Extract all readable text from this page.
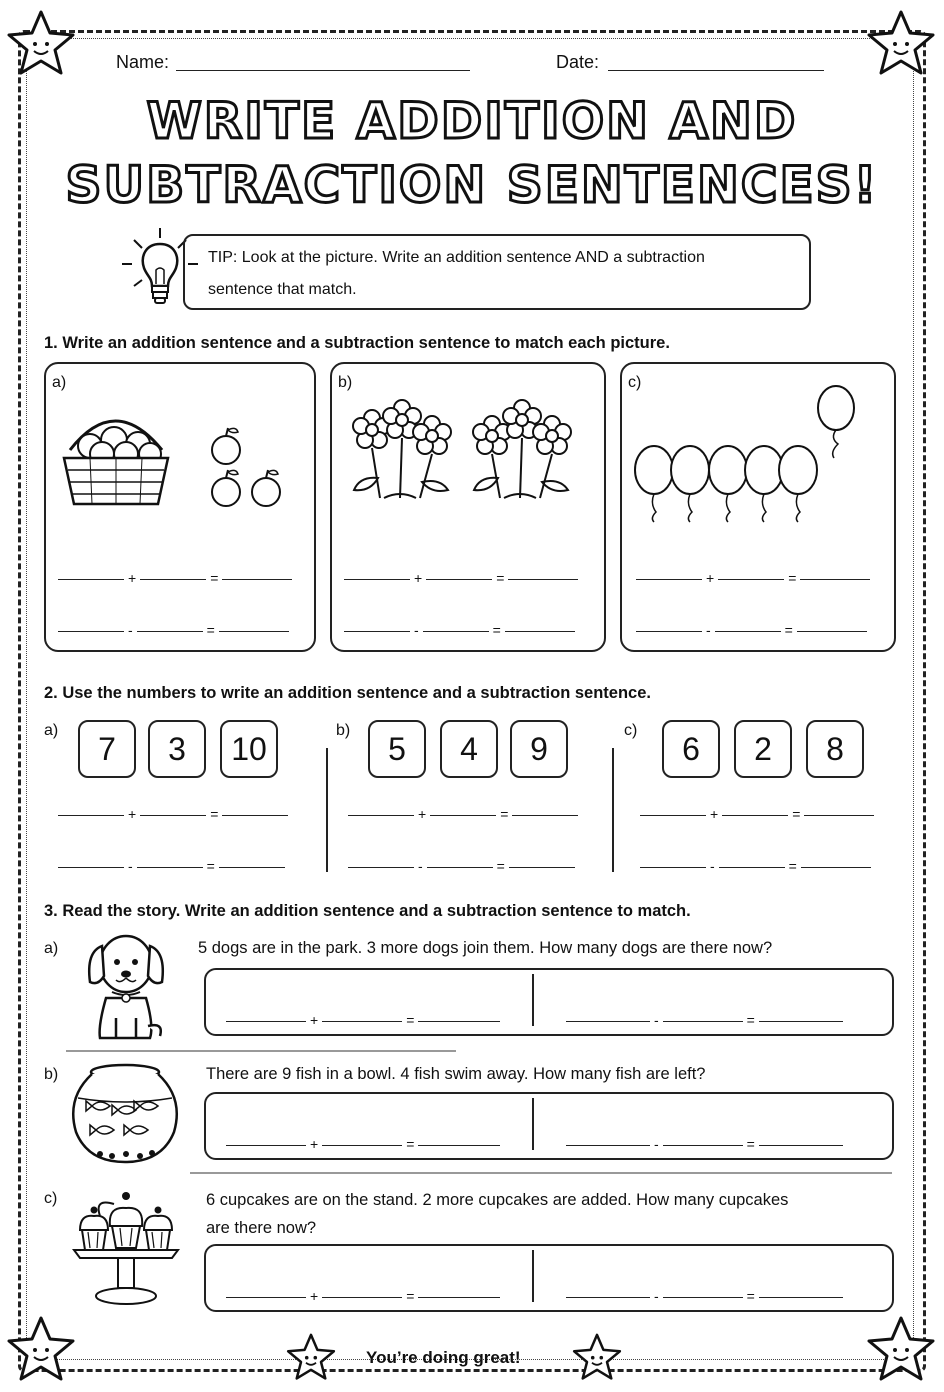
Name:	Date:
WRITE ADDITION AND
SUBTRACTION SENTENCES!
TIP: Look at the picture. Write an addition sentence AND a subtraction
sentence that match.
1. Write an addition sentence and a subtraction sentence to match each picture.
a)
+	=
-	=
b)
+	=
-	=
c)
+	=
-	=
2. Use the numbers to write an addition sentence and a subtraction sentence.
a)	7	3	10
+	=
-	=
b)	5	4	9
+	=
-	=
c)	6	2	8
+	=
-	=
3. Read the story. Write an addition sentence and a subtraction sentence to match.
a)	5 dogs are in the park. 3 more dogs join them. How many dogs are there now?
+	=	-	=
b)	There are 9 fish in a bowl. 4 fish swim away. How many fish are left?
+	=	-	=
c)	6 cupcakes are on the stand. 2 more cupcakes are added. How many cupcakes
are there now?
+	=	-	=
You’re doing great!
